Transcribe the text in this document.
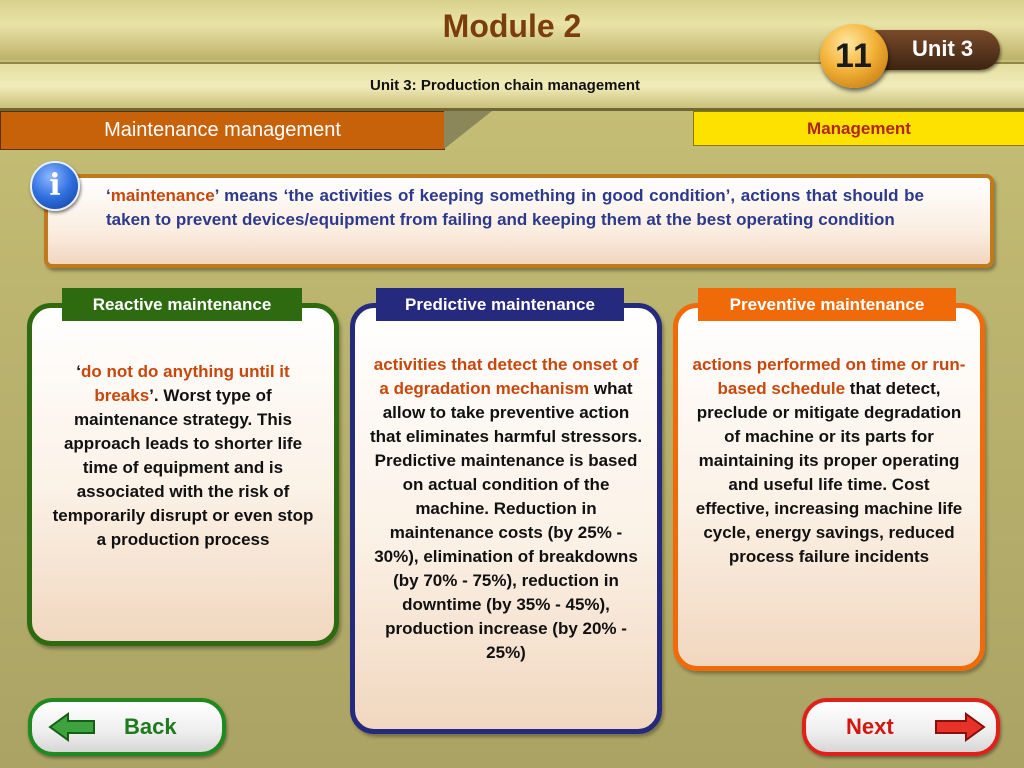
Module 2
Unit 3: Production chain management
Unit 3
11
Maintenance management	Management
‘maintenance’ means ‘the activities of keeping something in good condition’, actions that should be taken to prevent devices/equipment from failing and keeping them at the best operating condition
i
‘do not do anything until it breaks’. Worst type of maintenance strategy. This approach leads to shorter life time of equipment and is associated with the risk of temporarily disrupt or even stop a production process
Reactive maintenance
activities that detect the onset of a degradation mechanism what allow to take preventive action that eliminates harmful stressors. Predictive maintenance is based on actual condition of the machine. Reduction in maintenance costs (by 25% - 30%), elimination of breakdowns (by 70% - 75%), reduction in downtime (by 35% - 45%), production increase (by 20% - 25%)
Predictive maintenance
actions performed on time or run-based schedule that detect, preclude or mitigate degradation of machine or its parts for maintaining its proper operating and useful life time. Cost effective, increasing machine life cycle, energy savings, reduced process failure incidents
Preventive maintenance
Back	Next
